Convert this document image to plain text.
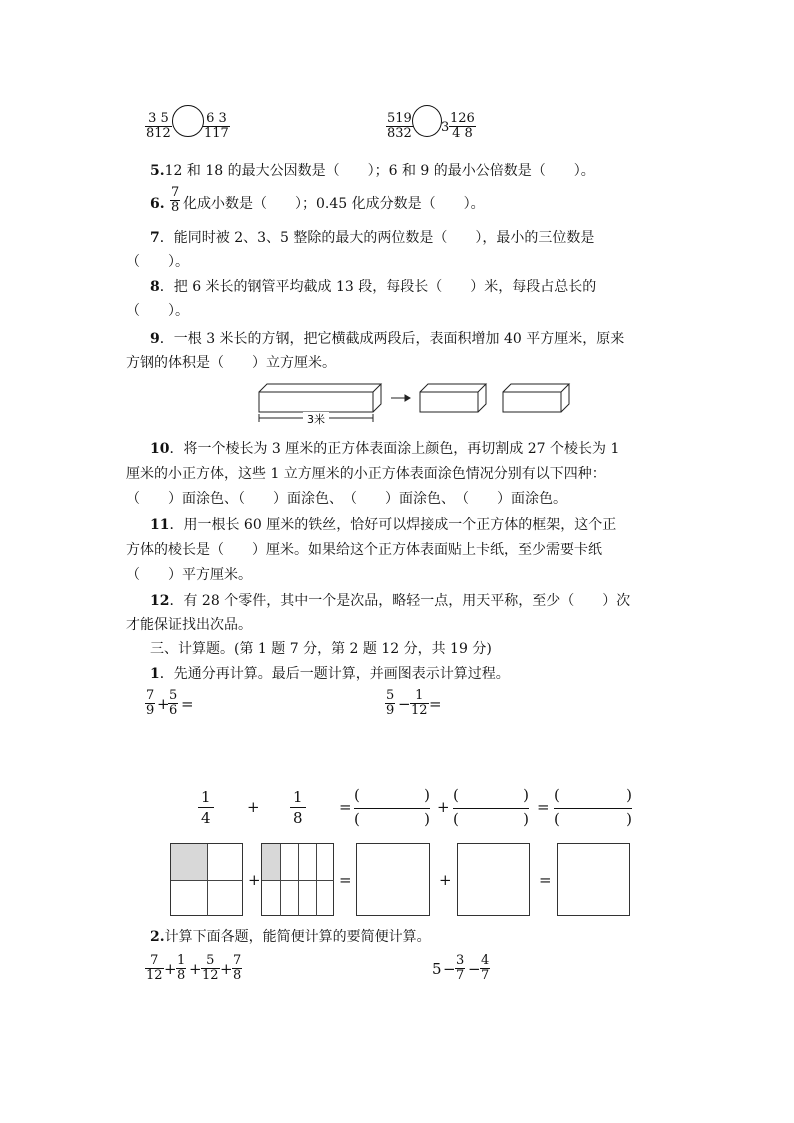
$\frac{3 5}{812} \frac{6 3}{117}$	$\frac{519}{832} 3 \frac{126}{4 8}$
5.12 和 18 的最大公因数是（　　）；6 和 9 的最小公倍数是（　　）。
6. $\frac{7}{8}$ 化成小数是（　　）；0.45 化成分数是（　　）。
7．能同时被 2、3、5 整除的最大的两位数是（　　），最小的三位数是
（　　）。
8．把 6 米长的钢管平均截成 13 段，每段长（　　）米，每段占总长的
（　　）。
9．一根 3 米长的方钢，把它横截成两段后，表面积增加 40 平方厘米，原来
方钢的体积是（　　）立方厘米。
3米
10．将一个棱长为 3 厘米的正方体表面涂上颜色，再切割成 27 个棱长为 1
厘米的小正方体，这些 1 立方厘米的小正方体表面涂色情况分别有以下四种：
（　　）面涂色、（　　）面涂色、　（　　）面涂色、　（　　）面涂色。
11．用一根长 60 厘米的铁丝，恰好可以焊接成一个正方体的框架，这个正
方体的棱长是（　　）厘米。如果给这个正方体表面贴上卡纸，至少需要卡纸
（　　）平方厘米。
12．有 28 个零件，其中一个是次品，略轻一点，用天平称，至少（　　）次
才能保证找出次品。
三、计算题。(第 1 题 7 分，第 2 题 12 分，共 19 分)
1．先通分再计算。最后一题计算，并画图表示计算过程。
$\frac{7}{9}$ +
$\frac{5}{6}$ =	$\frac{5}{9} - \frac{1}{12}$ =
$\frac{1}{4} + \frac{1}{8}$ =
(	)
(	)
+
(	)
(	)
=
(	)
(	)
+	=	+	=
2.计算下面各题，能简便计算的要简便计算。
$\frac{7}{12} + \frac{1}{8} + \frac{5}{12} + \frac{7}{8}$	$5 - \frac{3}{7} - \frac{4}{7}$
